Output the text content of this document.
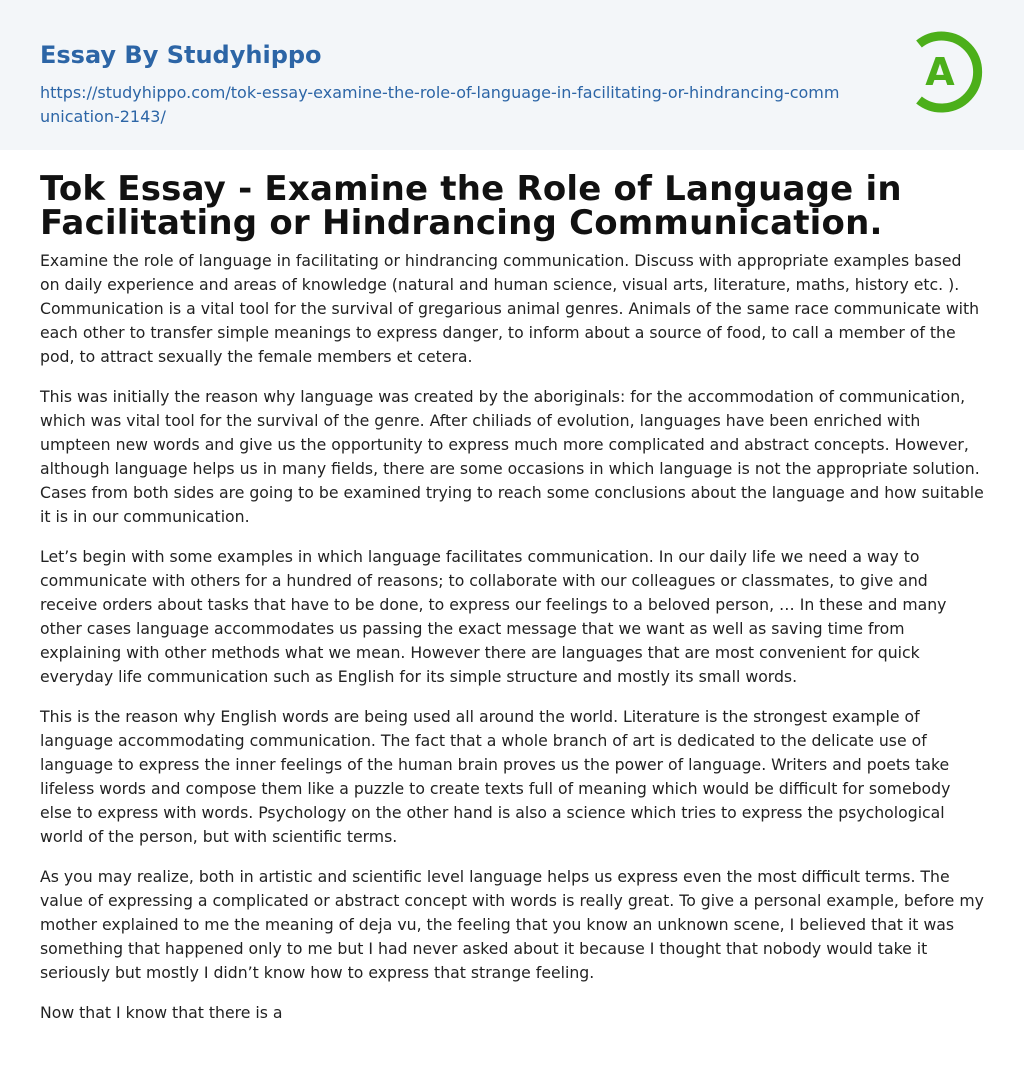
Essay By Studyhippo
https://studyhippo.com/tok-essay-examine-the-role-of-language-in-facilitating-or-hindrancing-communication-2143/
A
Tok Essay - Examine the Role of Language in Facilitating or Hindrancing Communication.

Examine the role of language in facilitating or hindrancing communication. Discuss with appropriate examples based on daily experience and areas of knowledge (natural and human science, visual arts, literature, maths, history etc. ). Communication is a vital tool for the survival of gregarious animal genres. Animals of the same race communicate with each other to transfer simple meanings to express danger, to inform about a source of food, to call a member of the pod, to attract sexually the female members et cetera.

This was initially the reason why language was created by the aboriginals: for the accommodation of communication, which was vital tool for the survival of the genre. After chiliads of evolution, languages have been enriched with umpteen new words and give us the opportunity to express much more complicated and abstract concepts. However, although language helps us in many fields, there are some occasions in which language is not the appropriate solution. Cases from both sides are going to be examined trying to reach some conclusions about the language and how suitable it is in our communication.

Let’s begin with some examples in which language facilitates communication. In our daily life we need a way to communicate with others for a hundred of reasons; to collaborate with our colleagues or classmates, to give and receive orders about tasks that have to be done, to express our feelings to a beloved person, … In these and many other cases language accommodates us passing the exact message that we want as well as saving time from explaining with other methods what we mean. However there are languages that are most convenient for quick everyday life communication such as English for its simple structure and mostly its small words.

This is the reason why English words are being used all around the world. Literature is the strongest example of language accommodating communication. The fact that a whole branch of art is dedicated to the delicate use of language to express the inner feelings of the human brain proves us the power of language. Writers and poets take lifeless words and compose them like a puzzle to create texts full of meaning which would be difficult for somebody else to express with words. Psychology on the other hand is also a science which tries to express the psychological world of the person, but with scientific terms.

As you may realize, both in artistic and scientific level language helps us express even the most difficult terms. The value of expressing a complicated or abstract concept with words is really great. To give a personal example, before my mother explained to me the meaning of deja vu, the feeling that you know an unknown scene, I believed that it was something that happened only to me but I had never asked about it because I thought that nobody would take it seriously but mostly I didn’t know how to express that strange feeling.

Now that I know that there is a
